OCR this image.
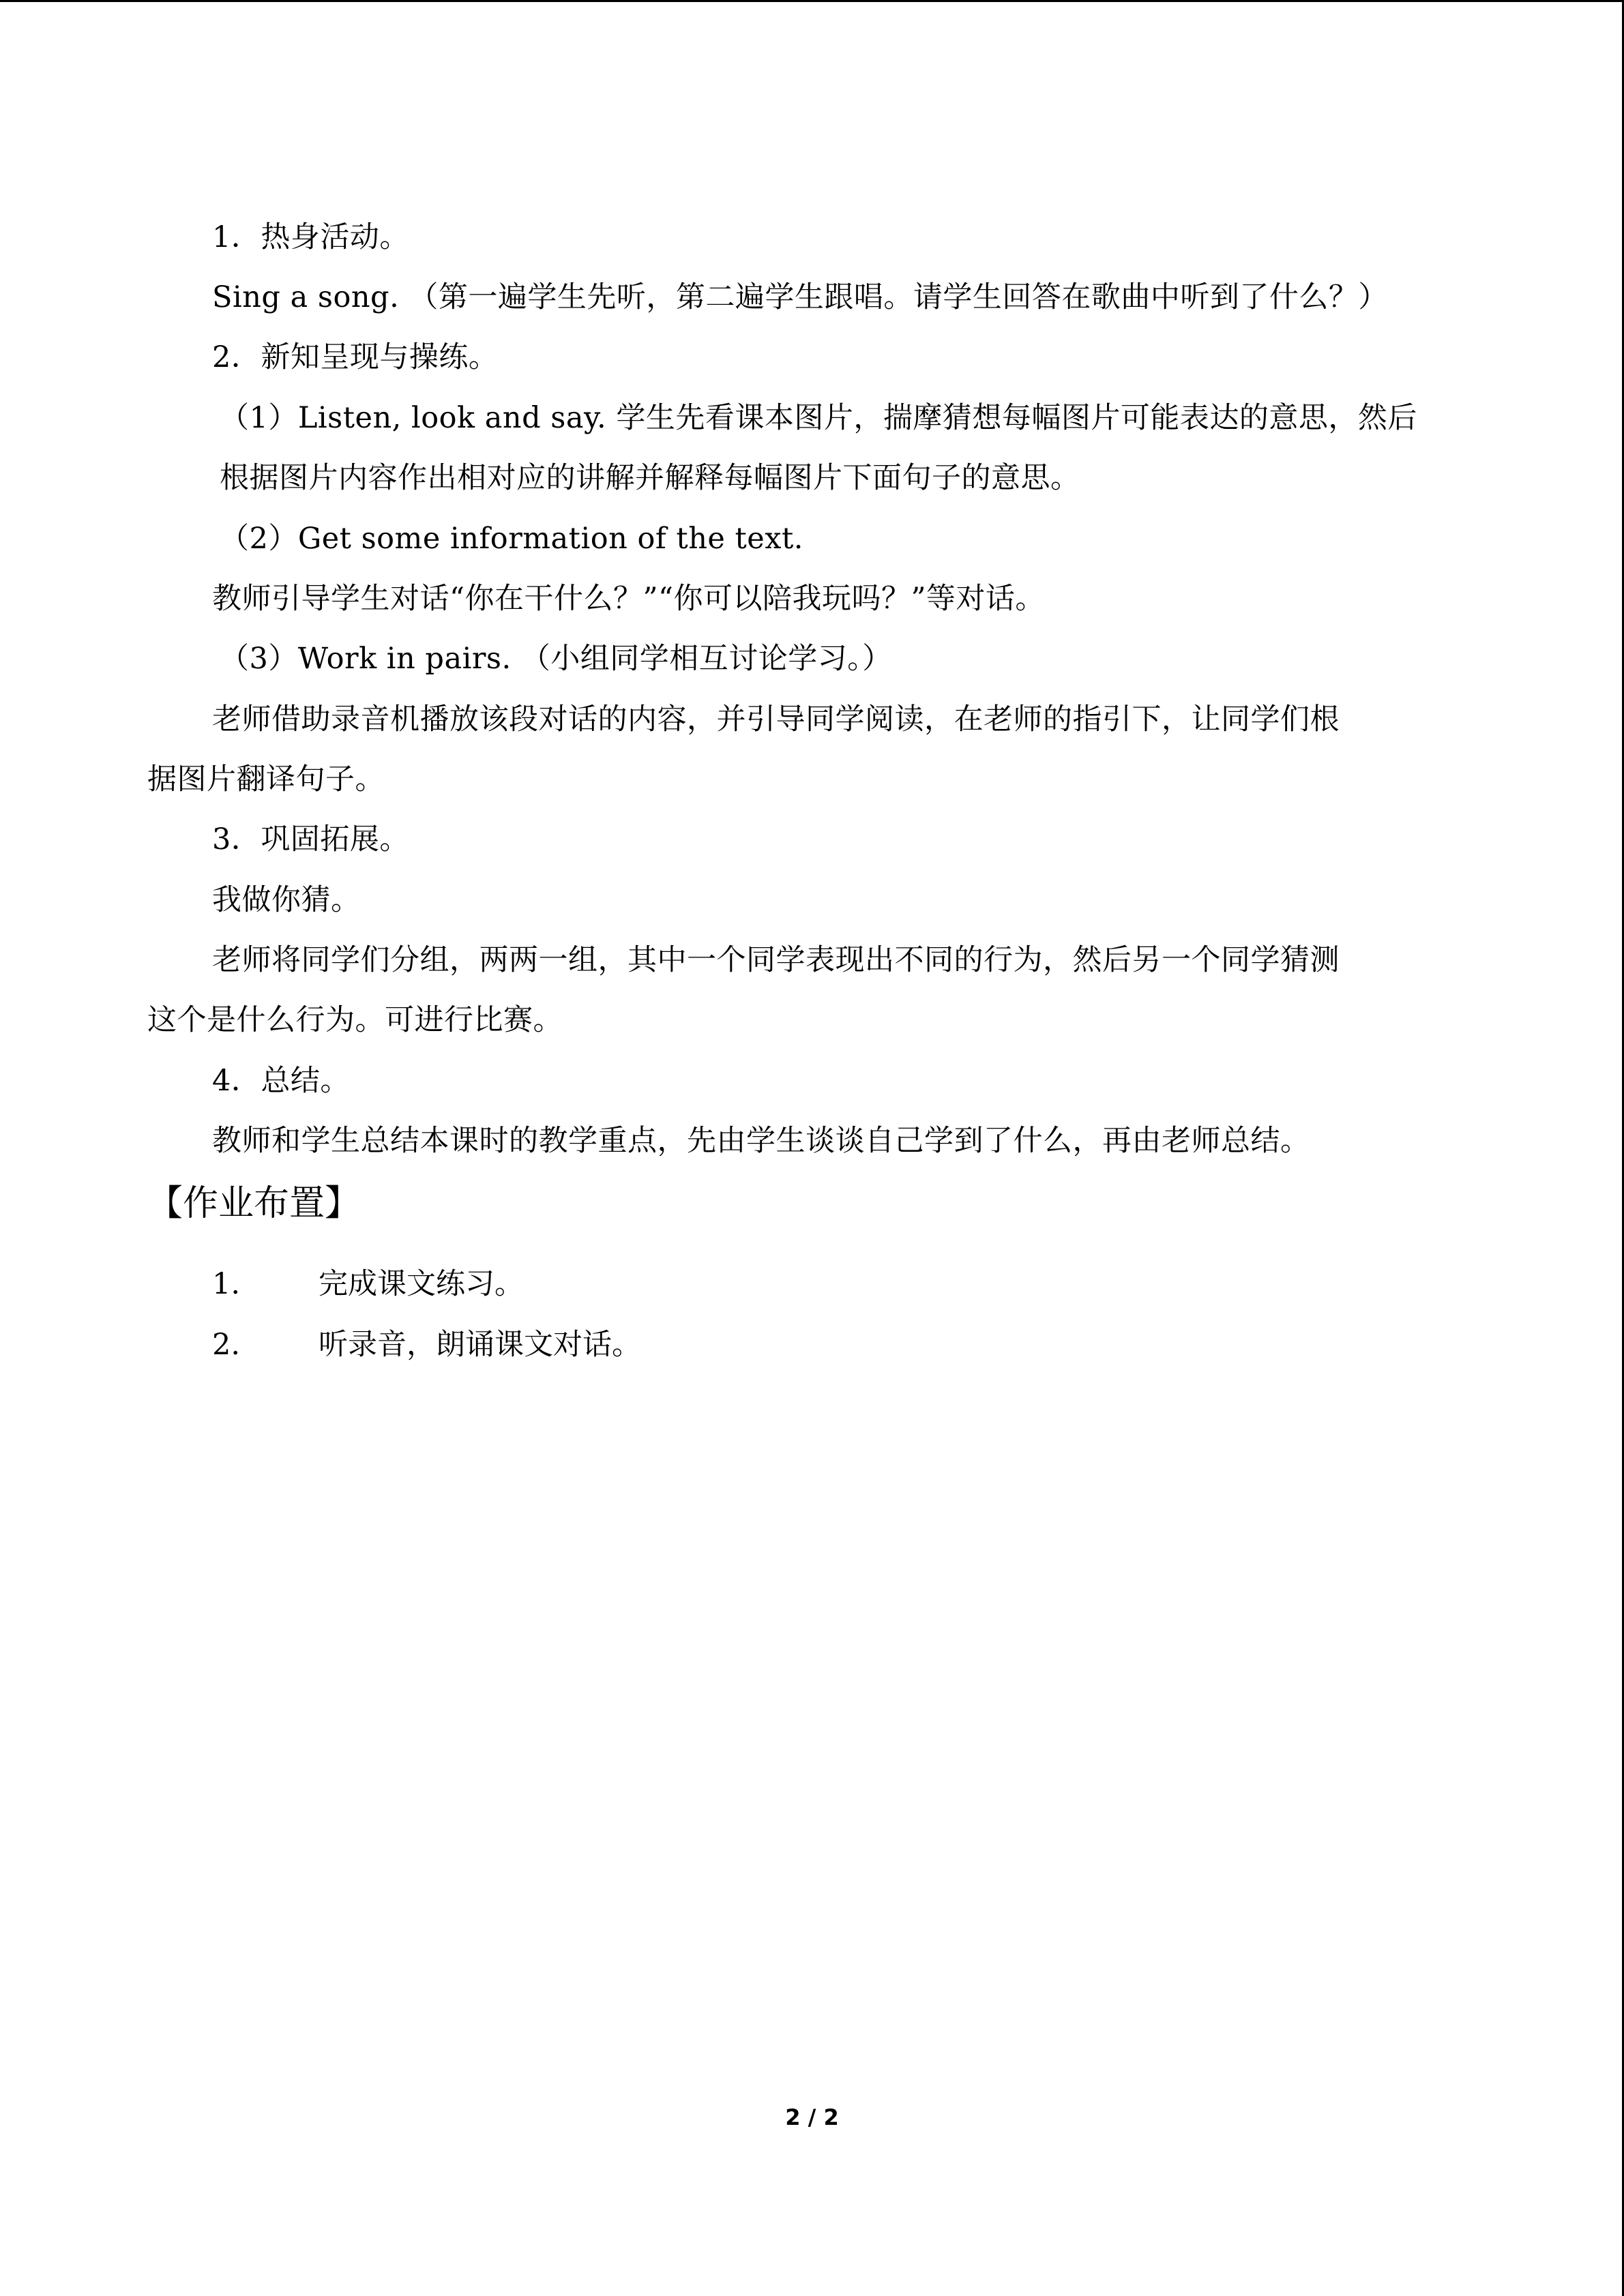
1．热身活动。
Sing a song. （第一遍学生先听，第二遍学生跟唱。请学生回答在歌曲中听到了什么？）
2．新知呈现与操练。
（1）Listen, look and say. 学生先看课本图片，揣摩猜想每幅图片可能表达的意思，然后
根据图片内容作出相对应的讲解并解释每幅图片下面句子的意思。
（2）Get some information of the text.
教师引导学生对话“你在干什么？”“你可以陪我玩吗？”等对话。
（3）Work in pairs. （小组同学相互讨论学习。）
老师借助录音机播放该段对话的内容，并引导同学阅读，在老师的指引下，让同学们根
据图片翻译句子。
3．巩固拓展。
我做你猜。
老师将同学们分组，两两一组，其中一个同学表现出不同的行为，然后另一个同学猜测
这个是什么行为。可进行比赛。
4．总结。
教师和学生总结本课时的教学重点，先由学生谈谈自己学到了什么，再由老师总结。
【作业布置】
1.	完成课文练习。
2.	听录音，朗诵课文对话。
2 / 2
